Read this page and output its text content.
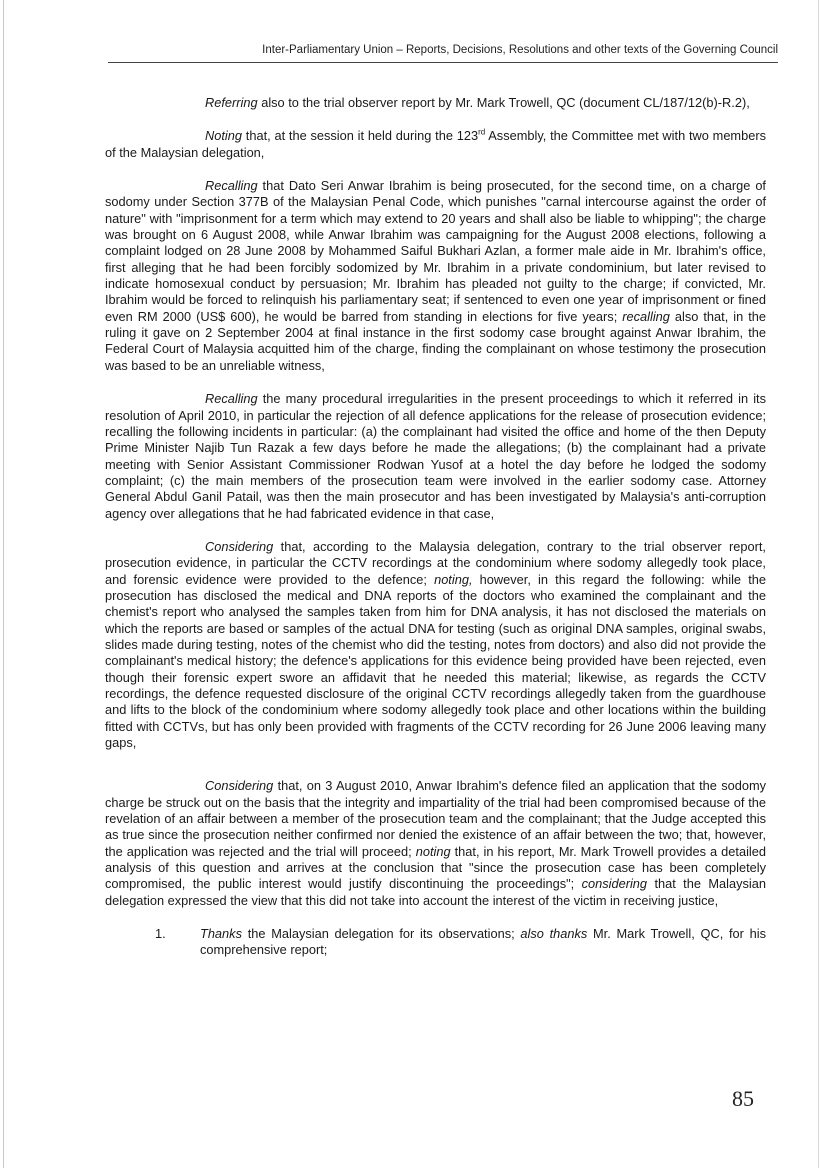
Inter-Parliamentary Union – Reports, Decisions, Resolutions and other texts of the Governing Council

Referring also to the trial observer report by Mr. Mark Trowell, QC (document CL/187/12(b)-R.2),

Noting that, at the session it held during the 123rd Assembly, the Committee met with two members of the Malaysian delegation,

Recalling that Dato Seri Anwar Ibrahim is being prosecuted, for the second time, on a charge of sodomy under Section 377B of the Malaysian Penal Code, which punishes "carnal intercourse against the order of nature" with "imprisonment for a term which may extend to 20 years and shall also be liable to whipping"; the charge was brought on 6 August 2008, while Anwar Ibrahim was campaigning for the August 2008 elections, following a complaint lodged on 28 June 2008 by Mohammed Saiful Bukhari Azlan, a former male aide in Mr. Ibrahim's office, first alleging that he had been forcibly sodomized by Mr. Ibrahim in a private condominium, but later revised to indicate homosexual conduct by persuasion; Mr. Ibrahim has pleaded not guilty to the charge; if convicted, Mr. Ibrahim would be forced to relinquish his parliamentary seat; if sentenced to even one year of imprisonment or fined even RM 2000 (US$ 600), he would be barred from standing in elections for five years; recalling also that, in the ruling it gave on 2 September 2004 at final instance in the first sodomy case brought against Anwar Ibrahim, the Federal Court of Malaysia acquitted him of the charge, finding the complainant on whose testimony the prosecution was based to be an unreliable witness,

Recalling the many procedural irregularities in the present proceedings to which it referred in its resolution of April 2010, in particular the rejection of all defence applications for the release of prosecution evidence; recalling the following incidents in particular: (a) the complainant had visited the office and home of the then Deputy Prime Minister Najib Tun Razak a few days before he made the allegations; (b) the complainant had a private meeting with Senior Assistant Commissioner Rodwan Yusof at a hotel the day before he lodged the sodomy complaint; (c) the main members of the prosecution team were involved in the earlier sodomy case. Attorney General Abdul Ganil Patail, was then the main prosecutor and has been investigated by Malaysia's anti-corruption agency over allegations that he had fabricated evidence in that case,

Considering that, according to the Malaysia delegation, contrary to the trial observer report, prosecution evidence, in particular the CCTV recordings at the condominium where sodomy allegedly took place, and forensic evidence were provided to the defence; noting, however, in this regard the following: while the prosecution has disclosed the medical and DNA reports of the doctors who examined the complainant and the chemist's report who analysed the samples taken from him for DNA analysis, it has not disclosed the materials on which the reports are based or samples of the actual DNA for testing (such as original DNA samples, original swabs, slides made during testing, notes of the chemist who did the testing, notes from doctors) and also did not provide the complainant's medical history; the defence's applications for this evidence being provided have been rejected, even though their forensic expert swore an affidavit that he needed this material; likewise, as regards the CCTV recordings, the defence requested disclosure of the original CCTV recordings allegedly taken from the guardhouse and lifts to the block of the condominium where sodomy allegedly took place and other locations within the building fitted with CCTVs, but has only been provided with fragments of the CCTV recording for 26 June 2006 leaving many gaps,

Considering that, on 3 August 2010, Anwar Ibrahim's defence filed an application that the sodomy charge be struck out on the basis that the integrity and impartiality of the trial had been compromised because of the revelation of an affair between a member of the prosecution team and the complainant; that the Judge accepted this as true since the prosecution neither confirmed nor denied the existence of an affair between the two; that, however, the application was rejected and the trial will proceed; noting that, in his report, Mr. Mark Trowell provides a detailed analysis of this question and arrives at the conclusion that "since the prosecution case has been completely compromised, the public interest would justify discontinuing the proceedings"; considering that the Malaysian delegation expressed the view that this did not take into account the interest of the victim in receiving justice,

1.	Thanks the Malaysian delegation for its observations; also thanks Mr. Mark Trowell, QC, for his comprehensive report;
85
